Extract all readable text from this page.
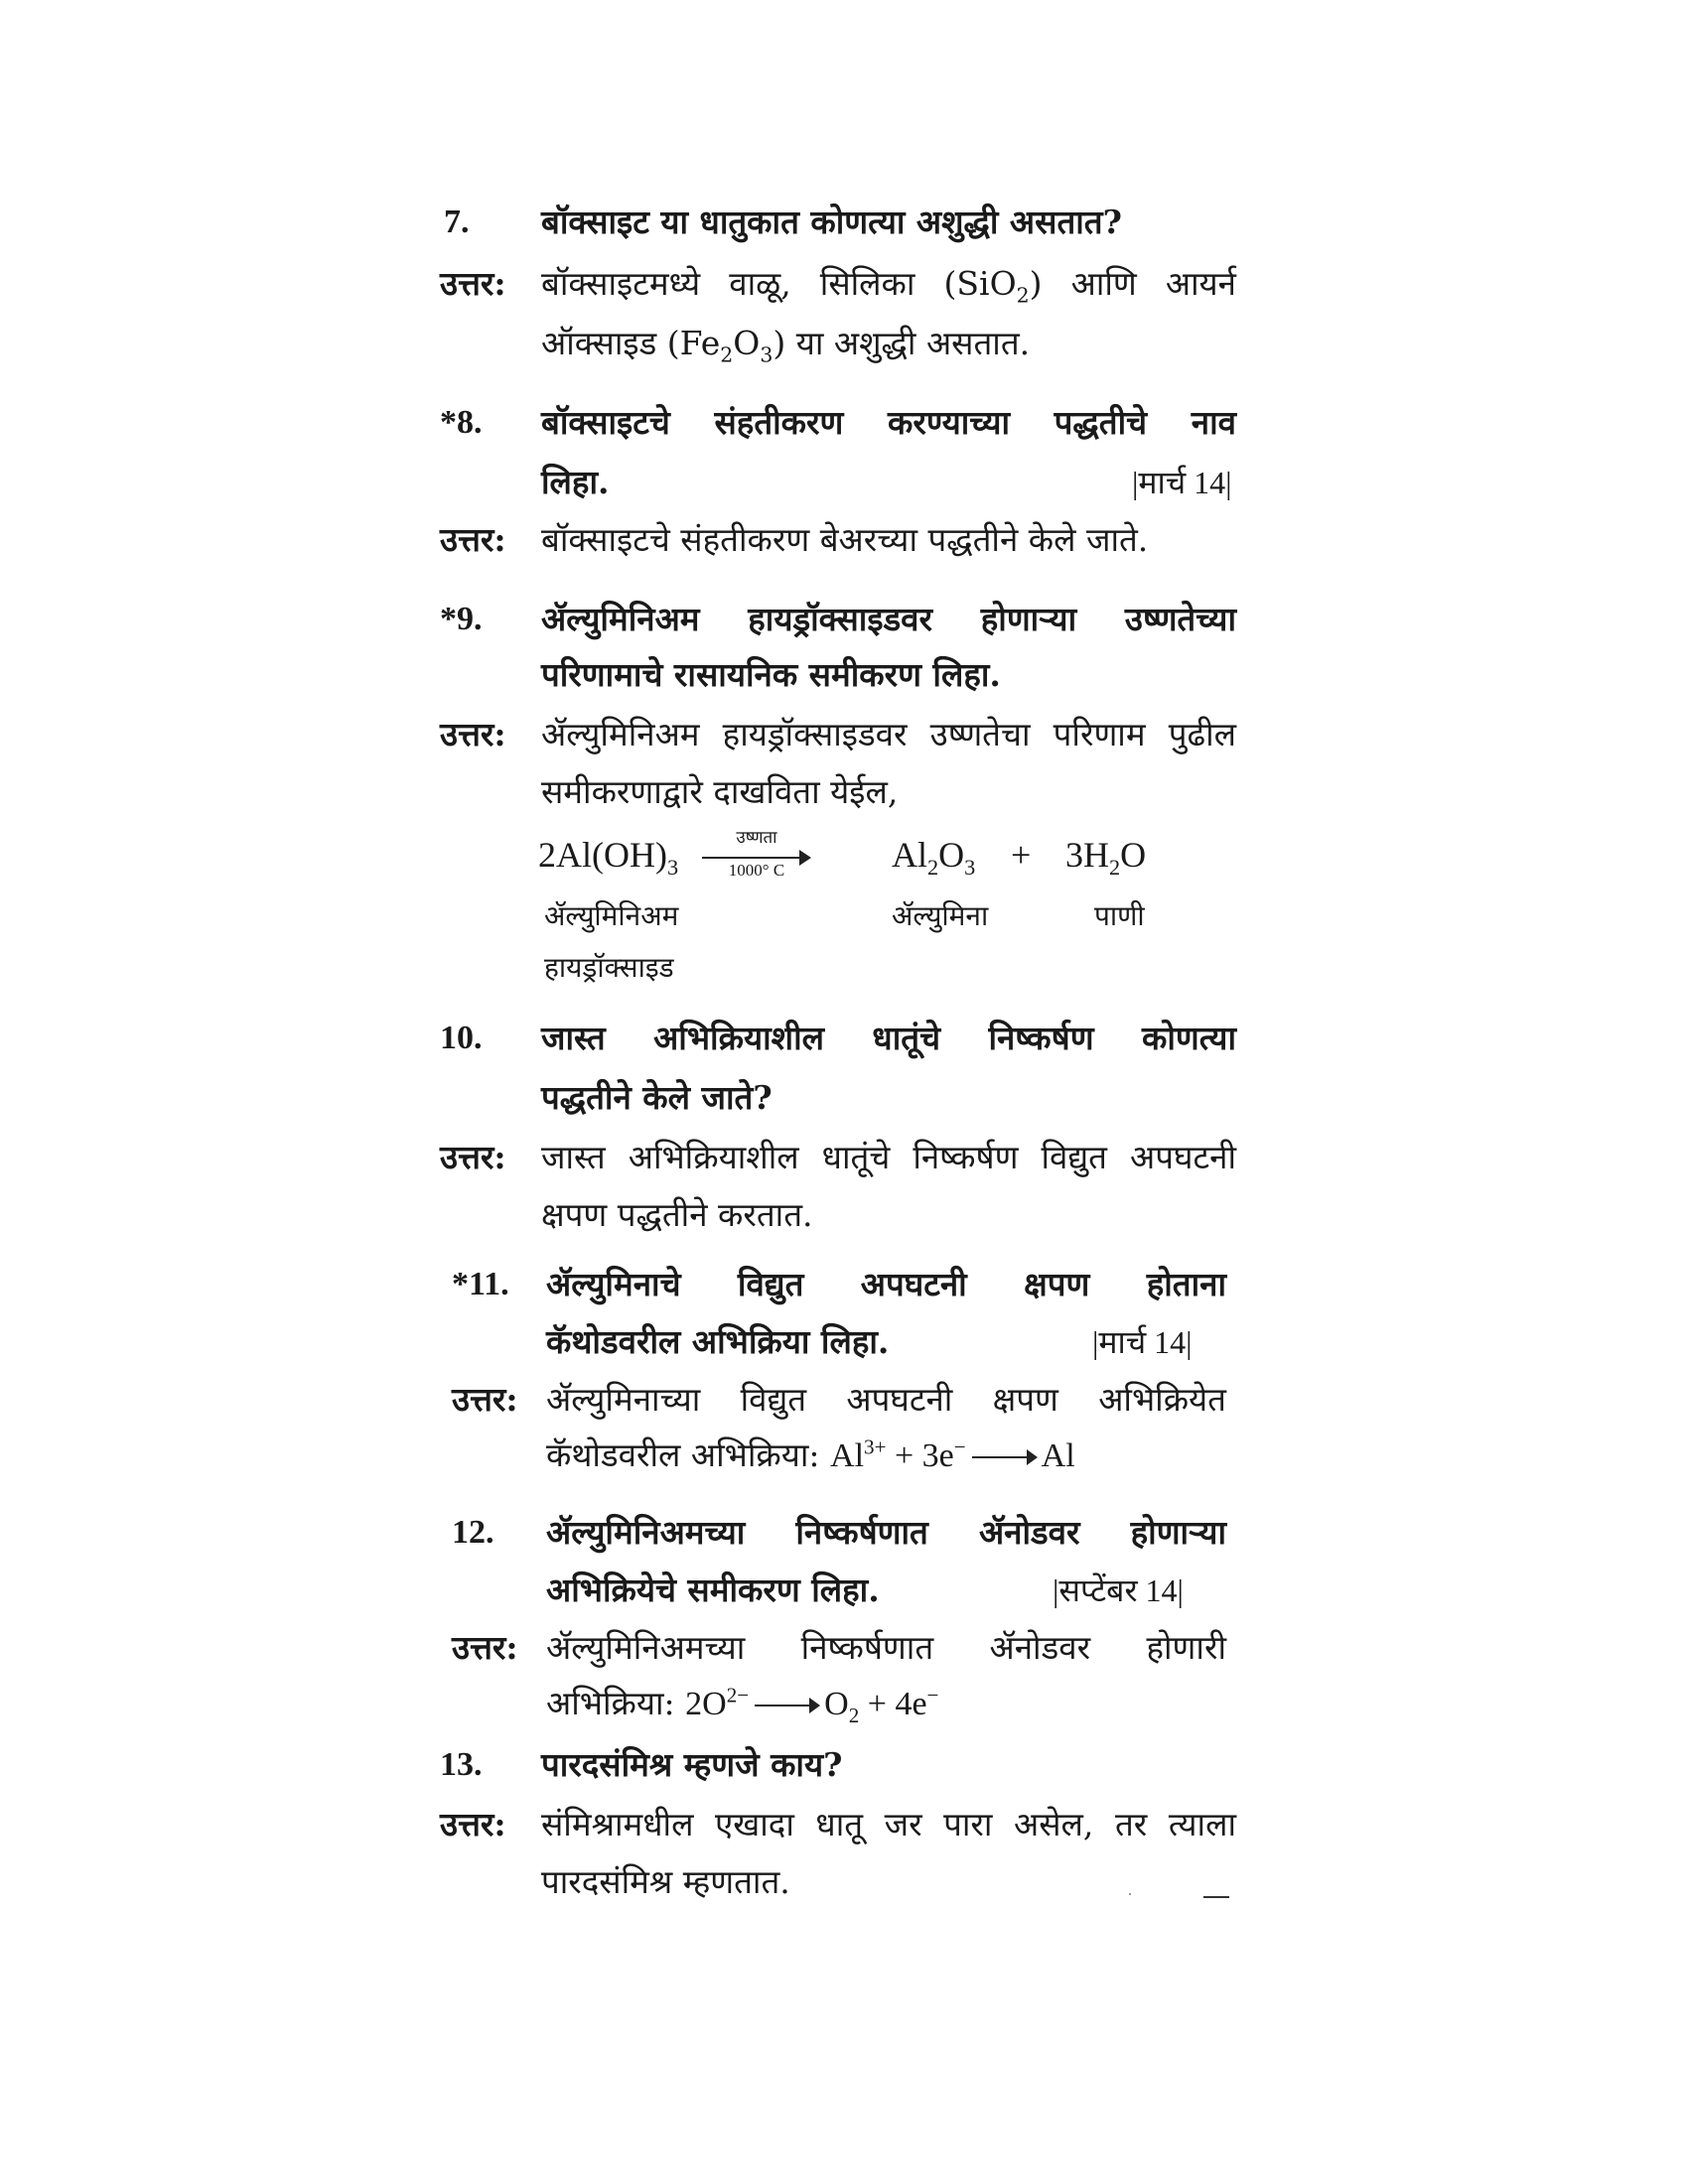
7. बॉक्साइट या धातुकात कोणत्या अशुद्धी असतात?
उत्तर: बॉक्साइटमध्ये वाळू, सिलिका (SiO$_2$) आणि आयर्न
ऑक्साइड $(Fe_2O_3)$ या अशुद्धी असतात.
*8. बॉक्साइटचे संहतीकरण करण्याच्या पद्धतीचे नाव
लिहा.	|मार्च 14|
उत्तर: बॉक्साइटचे संहतीकरण बेअरच्या पद्धतीने केले जाते.
*9. ॲल्युमिनिअम हायड्रॉक्साइडवर होणाऱ्या उष्णतेच्या
परिणामाचे रासायनिक समीकरण लिहा.
उत्तर: ॲल्युमिनिअम हायड्रॉक्साइडवर उष्णतेचा परिणाम पुढील
समीकरणाद्वारे दाखविता येईल,
$2Al(OH)_3$
उष्णता
1000° C	$Al_2O_3 + 3H_2O$
ॲल्युमिनिअम
हायड्रॉक्साइड
ॲल्युमिना	पाणी
10. जास्त अभिक्रियाशील धातूंचे निष्कर्षण कोणत्या
पद्धतीने केले जाते?
उत्तर: जास्त अभिक्रियाशील धातूंचे निष्कर्षण विद्युत अपघटनी
क्षपण पद्धतीने करतात.
*11. ॲल्युमिनाचे विद्युत अपघटनी क्षपण होताना
कॅथोडवरील अभिक्रिया लिहा.	|मार्च 14|
उत्तर: ॲल्युमिनाच्या विद्युत अपघटनी क्षपण अभिक्रियेत
कॅथोडवरील अभिक्रिया: $Al^{3+} + 3e^-$ Al
12. ॲल्युमिनिअमच्या निष्कर्षणात ॲनोडवर होणाऱ्या
अभिक्रियेचे समीकरण लिहा.	|सप्टेंबर 14|
उत्तर: ॲल्युमिनिअमच्या निष्कर्षणात ॲनोडवर होणारी
अभिक्रिया: $2O^{2-}$ $O_2 + 4e^-$
13. पारदसंमिश्र म्हणजे काय?
उत्तर: संमिश्रामधील एखादा धातू जर पारा असेल, तर त्याला
पारदसंमिश्र म्हणतात.
